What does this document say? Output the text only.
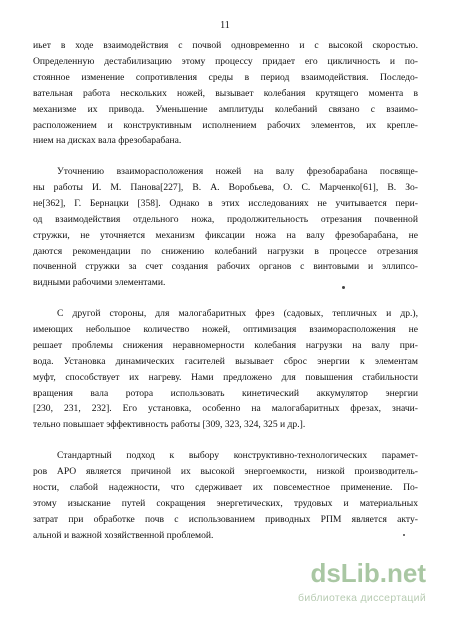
11
иьет в ходе взаимодействия с почвой одновременно и с высокой скоростью.
Определенную дестабилизацию этому процессу придает его цикличность и по-
стоянное изменение сопротивления среды в период взаимодействия. Последо-
вательная работа нескольких ножей, вызывает колебания крутящего момента в
механизме их привода. Уменьшение амплитуды колебаний связано с взаимо-
расположением и конструктивным исполнением рабочих элементов, их крепле-
нием на дисках вала фрезобарабана.
Уточнению взаиморасположения ножей на валу фрезобарабана посвяще-
ны работы И. М. Панова[227], В. А. Воробьева, О. С. Марченко[61], В. Зо-
не[362], Г. Бернацки [358]. Однако в этих исследованиях не учитывается пери-
од взаимодействия отдельного ножа, продолжительность отрезания почвенной
стружки, не уточняется механизм фиксации ножа на валу фрезобарабана, не
даются рекомендации по снижению колебаний нагрузки в процессе отрезания
почвенной стружки за счет создания рабочих органов с винтовыми и эллипсо-
видными рабочими элементами.
С другой стороны, для малогабаритных фрез (садовых, тепличных и др.),
имеющих небольшое количество ножей, оптимизация взаиморасположения не
решает проблемы снижения неравномерности колебания нагрузки на валу при-
вода. Установка динамических гасителей вызывает сброс энергии к элементам
муфт, способствует их нагреву. Нами предложено для повышения стабильности
вращения вала ротора использовать кинетический аккумулятор энергии
[230, 231, 232]. Его установка, особенно на малогабаритных фрезах, значи-
тельно повышает эффективность работы [309, 323, 324, 325 и др.].
Стандартный подход к выбору конструктивно-технологических парамет-
ров АРО является причиной их высокой энергоемкости, низкой производитель-
ности, слабой надежности, что сдерживает их повсеместное применение. По-
этому изыскание путей сокращения энергетических, трудовых и материальных
затрат при обработке почв с использованием приводных РПМ является акту-
альной и важной хозяйственной проблемой.
dsLib.net
библиотека диссертаций
